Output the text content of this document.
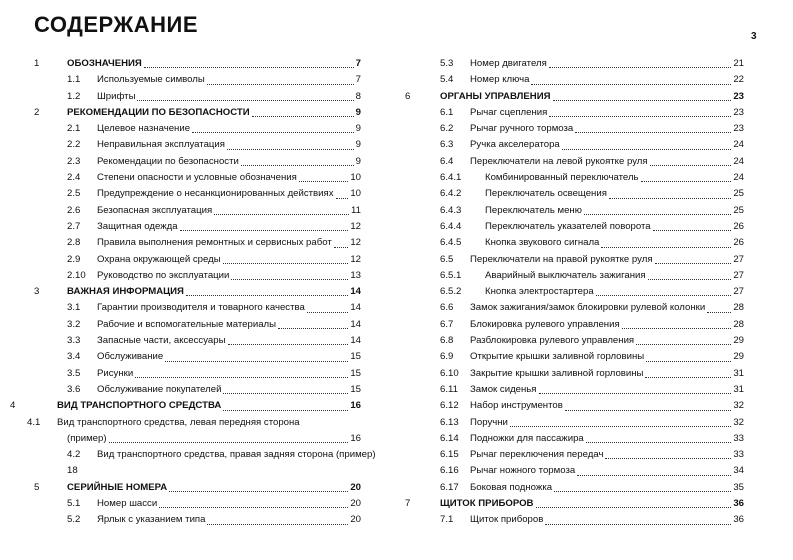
СОДЕРЖАНИЕ	3
1	ОБОЗНАЧЕНИЯ	7
1.1 Используемые символы	7
1.2 Шрифты	8
2	РЕКОМЕНДАЦИИ ПО БЕЗОПАСНОСТИ	9
2.1 Целевое назначение	9
2.2 Неправильная эксплуатация	9
2.3 Рекомендации по безопасности	9
2.4 Степени опасности и условные обозначения	10
2.5 Предупреждение о несанкционированных действиях 10
2.6 Безопасная эксплуатация	11
2.7 Защитная одежда	12
2.8 Правила выполнения ремонтных и сервисных работ 12
2.9 Охрана окружающей среды	12
2.10 Руководство по эксплуатации	13
3	ВАЖНАЯ ИНФОРМАЦИЯ	14
3.1 Гарантии производителя и товарного качества	14
3.2 Рабочие и вспомогательные материалы	14
3.3 Запасные части, аксессуары	14
3.4 Обслуживание	15
3.5 Рисунки	15
3.6 Обслуживание покупателей	15
4	ВИД ТРАНСПОРТНОГО СРЕДСТВА	16
4.1 Вид транспортного средства, левая передняя сторона
(пример)	16
4.2 Вид транспортного средства, правая задняя сторона (пример)
18
5	СЕРИЙНЫЕ НОМЕРА	20
5.1 Номер шасси	20
5.2 Ярлык с указанием типа	20
5.3 Номер двигателя	21
5.4 Номер ключа	22
6	ОРГАНЫ УПРАВЛЕНИЯ	23
6.1 Рычаг сцепления	23
6.2 Рычаг ручного тормоза	23
6.3 Ручка акселератора	24
6.4 Переключатели на левой рукоятке руля	24
6.4.1 Комбинированный переключатель	24
6.4.2 Переключатель освещения	25
6.4.3 Переключатель меню	25
6.4.4 Переключатель указателей поворота	26
6.4.5 Кнопка звукового сигнала	26
6.5 Переключатели на правой рукоятке руля	27
6.5.1 Аварийный выключатель зажигания	27
6.5.2 Кнопка электростартера	27
6.6 Замок зажигания/замок блокировки рулевой колонки	28
6.7 Блокировка рулевого управления	28
6.8 Разблокировка рулевого управления	29
6.9 Открытие крышки заливной горловины	29
6.10 Закрытие крышки заливной горловины	31
6.11 Замок сиденья	31
6.12 Набор инструментов	32
6.13 Поручни	32
6.14 Подножки для пассажира	33
6.15 Рычаг переключения передач	33
6.16 Рычаг ножного тормоза	34
6.17 Боковая подножка	35
7	ЩИТОК ПРИБОРОВ	36
7.1 Щиток приборов	36
